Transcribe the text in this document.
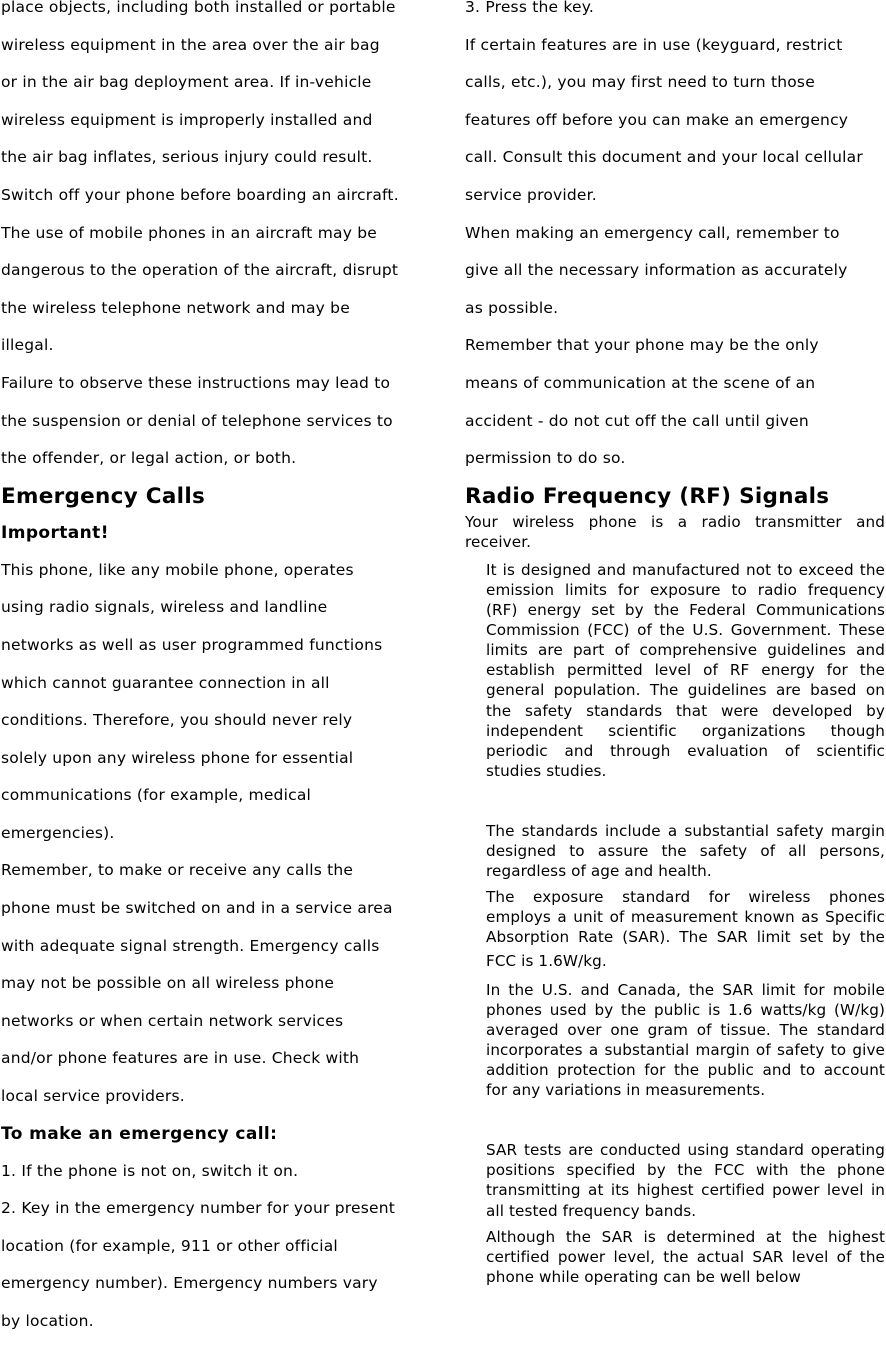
place objects, including both installed or portable

wireless equipment in the area over the air bag

or in the air bag deployment area. If in-vehicle

wireless equipment is improperly installed and

the air bag inflates, serious injury could result.

Switch off your phone before boarding an aircraft.

The use of mobile phones in an aircraft may be

dangerous to the operation of the aircraft, disrupt

the wireless telephone network and may be

illegal.

Failure to observe these instructions may lead to

the suspension or denial of telephone services to

the offender, or legal action, or both.

Emergency Calls
Important!

This phone, like any mobile phone, operates

using radio signals, wireless and landline

networks as well as user programmed functions

which cannot guarantee connection in all

conditions. Therefore, you should never rely

solely upon any wireless phone for essential

communications (for example, medical

emergencies).

Remember, to make or receive any calls the

phone must be switched on and in a service area

with adequate signal strength. Emergency calls

may not be possible on all wireless phone

networks or when certain network services

and/or phone features are in use. Check with

local service providers.

To make an emergency call:

1. If the phone is not on, switch it on.

2. Key in the emergency number for your present

location (for example, 911 or other official

emergency number). Emergency numbers vary

by location.

3. Press the key.

If certain features are in use (keyguard, restrict

calls, etc.), you may first need to turn those

features off before you can make an emergency

call. Consult this document and your local cellular

service provider.

When making an emergency call, remember to

give all the necessary information as accurately

as possible.

Remember that your phone may be the only

means of communication at the scene of an

accident - do not cut off the call until given

permission to do so.

Radio Frequency (RF) Signals

Your wireless phone is a radio transmitter and receiver.

It is designed and manufactured not to exceed the emission limits for exposure to radio frequency (RF) energy set by the Federal Communications Commission (FCC) of the U.S. Government. These limits are part of comprehensive guidelines and establish permitted level of RF energy for the general population. The guidelines are based on the safety standards that were developed by independent scientific organizations though periodic and through evaluation of scientific studies studies.

The standards include a substantial safety margin designed to assure the safety of all persons, regardless of age and health.

The exposure standard for wireless phones employs a unit of measurement known as Specific Absorption Rate (SAR). The SAR limit set by the FCC is 1.6W/kg.

In the U.S. and Canada, the SAR limit for mobile phones used by the public is 1.6 watts/kg (W/kg) averaged over one gram of tissue. The standard incorporates a substantial margin of safety to give addition protection for the public and to account for any variations in measurements.

SAR tests are conducted using standard operating positions specified by the FCC with the phone transmitting at its highest certified power level in all tested frequency bands.

Although the SAR is determined at the highest certified power level, the actual SAR level of the phone while operating can be well below
